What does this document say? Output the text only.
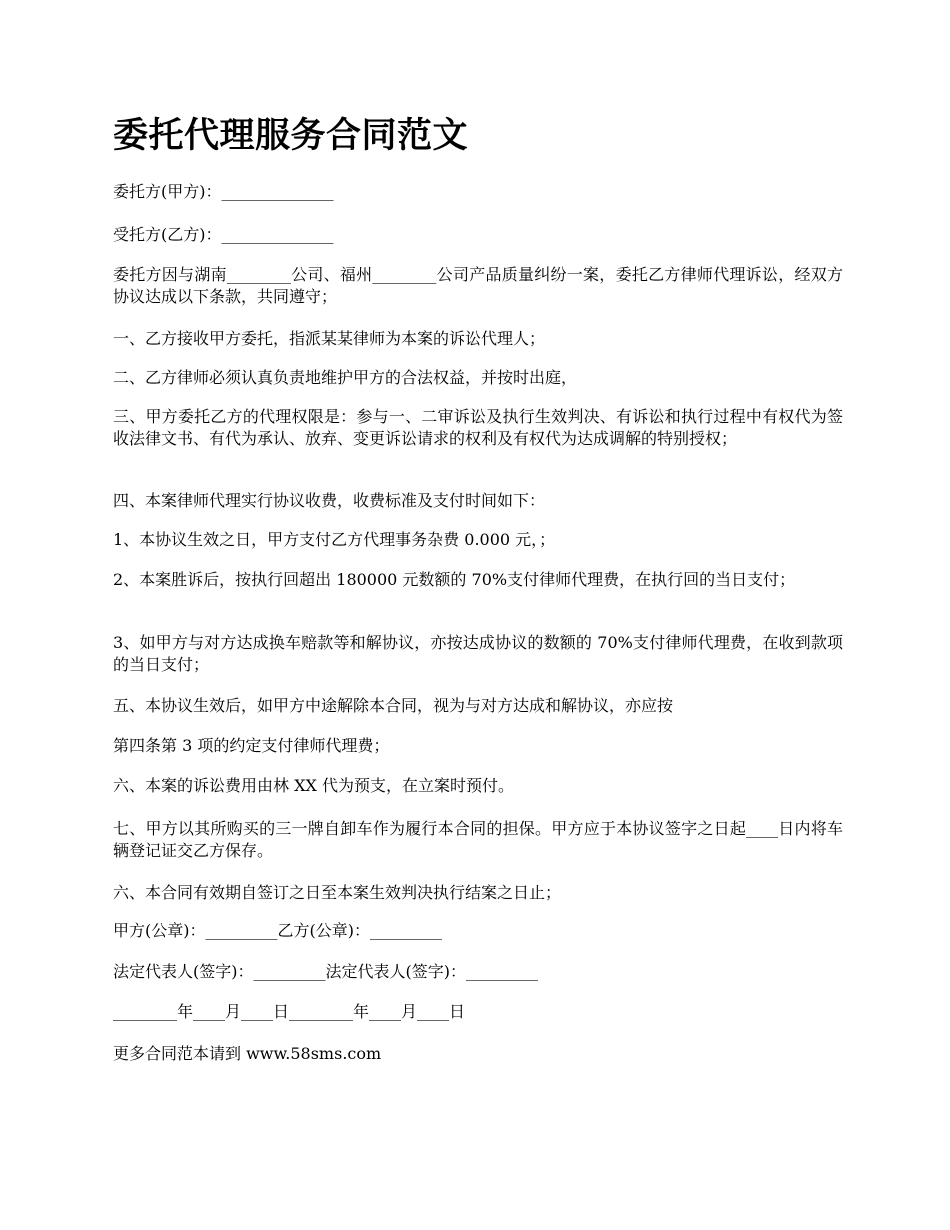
委托代理服务合同范文

委托方(甲方)：______________

受托方(乙方)：______________

委托方因与湖南________公司、福州________公司产品质量纠纷一案，委托乙方律师代理诉讼，经双方协议达成以下条款，共同遵守；

一、乙方接收甲方委托，指派某某律师为本案的诉讼代理人；

二、乙方律师必须认真负责地维护甲方的合法权益，并按时出庭，

三、甲方委托乙方的代理权限是：参与一、二审诉讼及执行生效判决、有诉讼和执行过程中有权代为签收法律文书、有代为承认、放弃、变更诉讼请求的权利及有权代为达成调解的特别授权；

四、本案律师代理实行协议收费，收费标准及支付时间如下：

1、本协议生效之日，甲方支付乙方代理事务杂费 0.000 元，；

2、本案胜诉后，按执行回超出 180000 元数额的 70%支付律师代理费，在执行回的当日支付；

3、如甲方与对方达成换车赔款等和解协议，亦按达成协议的数额的 70%支付律师代理费，在收到款项的当日支付；

五、本协议生效后，如甲方中途解除本合同，视为与对方达成和解协议，亦应按

第四条第 3 项的约定支付律师代理费；

六、本案的诉讼费用由林 XX 代为预支，在立案时预付。

七、甲方以其所购买的三一牌自卸车作为履行本合同的担保。甲方应于本协议签字之日起____日内将车辆登记证交乙方保存。

六、本合同有效期自签订之日至本案生效判决执行结案之日止；

甲方(公章)：_________乙方(公章)：_________

法定代表人(签字)：_________法定代表人(签字)：_________

________年____月____日________年____月____日

更多合同范本请到 www.58sms.com
